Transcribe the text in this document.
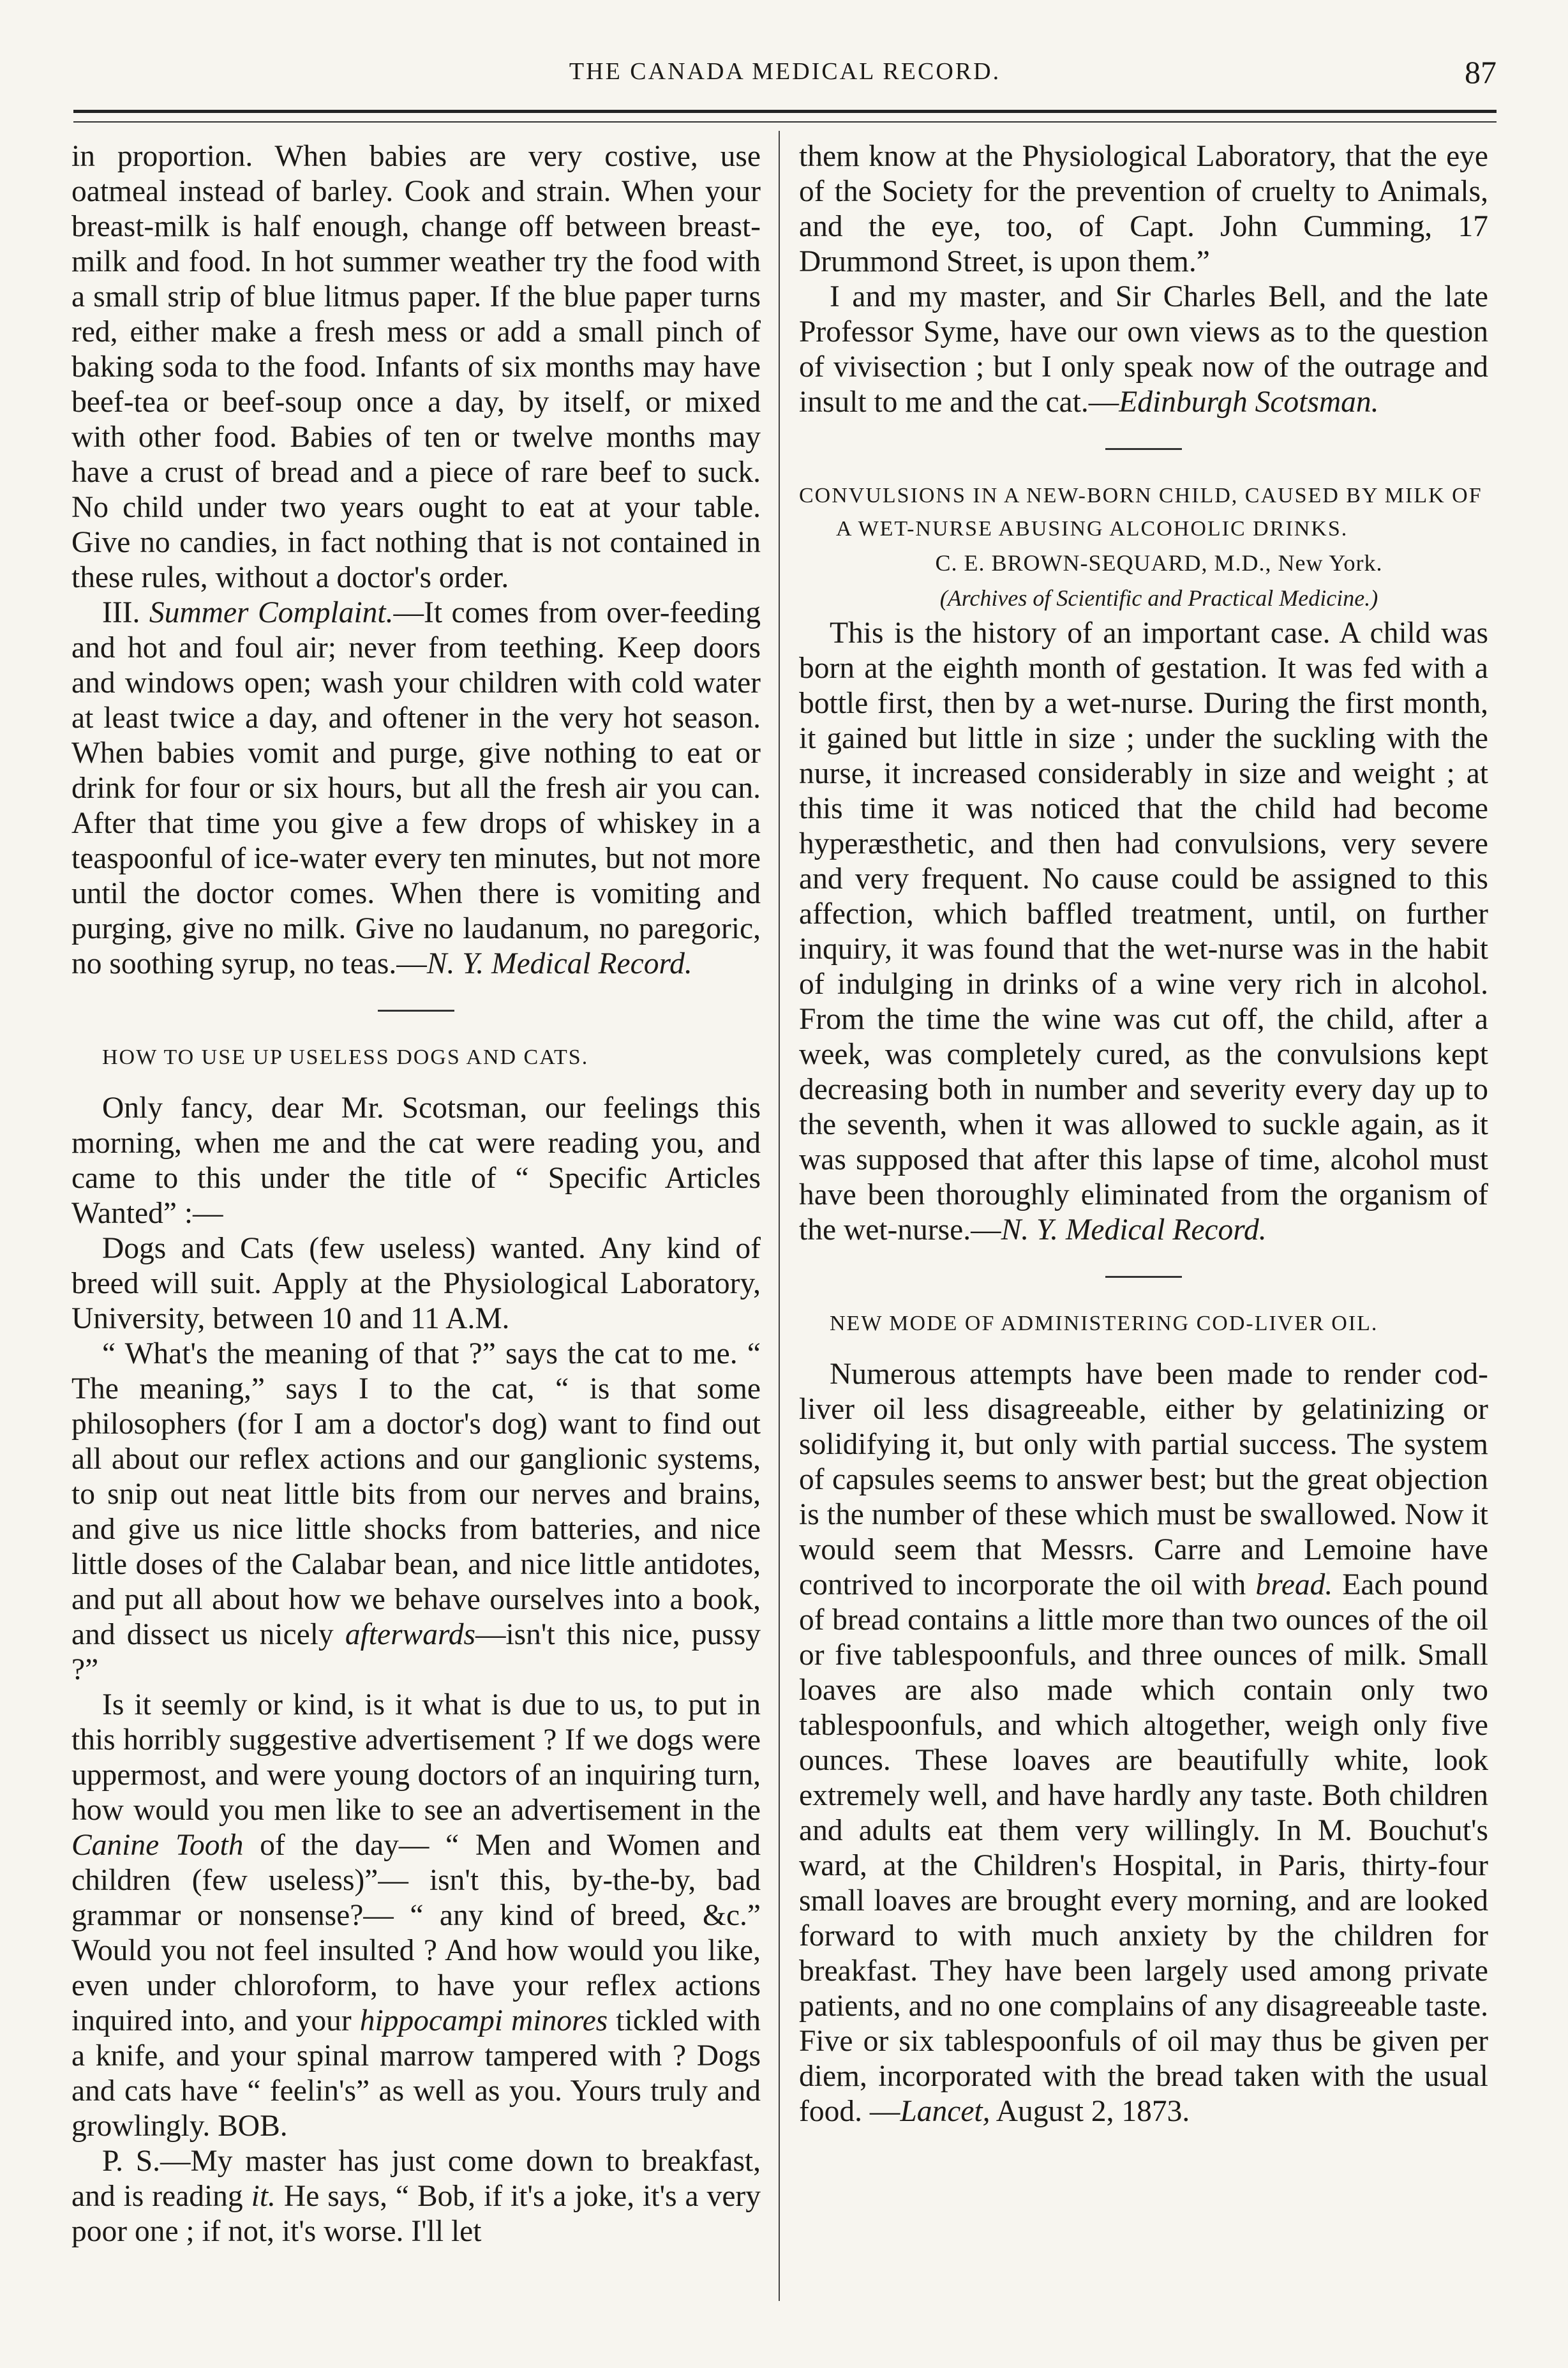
THE CANADA MEDICAL RECORD.	87

in proportion. When babies are very costive, use oatmeal instead of barley. Cook and strain. When your breast-milk is half enough, change off between breast-milk and food. In hot summer weather try the food with a small strip of blue litmus paper. If the blue paper turns red, either make a fresh mess or add a small pinch of baking soda to the food. Infants of six months may have beef-tea or beef-soup once a day, by itself, or mixed with other food. Babies of ten or twelve months may have a crust of bread and a piece of rare beef to suck. No child under two years ought to eat at your table. Give no candies, in fact nothing that is not contained in these rules, without a doctor's order.

III. Summer Complaint.—It comes from over-feeding and hot and foul air; never from teething. Keep doors and windows open; wash your children with cold water at least twice a day, and oftener in the very hot season. When babies vomit and purge, give nothing to eat or drink for four or six hours, but all the fresh air you can. After that time you give a few drops of whiskey in a teaspoonful of ice-water every ten minutes, but not more until the doctor comes. When there is vomiting and purging, give no milk. Give no laudanum, no paregoric, no soothing syrup, no teas.—N. Y. Medical Record.

HOW TO USE UP USELESS DOGS AND CATS.

Only fancy, dear Mr. Scotsman, our feelings this morning, when me and the cat were reading you, and came to this under the title of “ Specific Articles Wanted” :—

Dogs and Cats (few useless) wanted. Any kind of breed will suit. Apply at the Physiological Laboratory, University, between 10 and 11 A.M.

“ What's the meaning of that ?” says the cat to me. “ The meaning,” says I to the cat, “ is that some philosophers (for I am a doctor's dog) want to find out all about our reflex actions and our ganglionic systems, to snip out neat little bits from our nerves and brains, and give us nice little shocks from batteries, and nice little doses of the Calabar bean, and nice little antidotes, and put all about how we behave ourselves into a book, and dissect us nicely afterwards—isn't this nice, pussy ?”

Is it seemly or kind, is it what is due to us, to put in this horribly suggestive advertisement ? If we dogs were uppermost, and were young doctors of an inquiring turn, how would you men like to see an advertisement in the Canine Tooth of the day— “ Men and Women and children (few useless)”— isn't this, by-the-by, bad grammar or nonsense?— “ any kind of breed, &c.” Would you not feel insulted ? And how would you like, even under chloroform, to have your reflex actions inquired into, and your hippocampi minores tickled with a knife, and your spinal marrow tampered with ? Dogs and cats have “ feelin's” as well as you. Yours truly and growlingly. BOB.

P. S.—My master has just come down to breakfast, and is reading it. He says, “ Bob, if it's a joke, it's a very poor one ; if not, it's worse. I'll let

them know at the Physiological Laboratory, that the eye of the Society for the prevention of cruelty to Animals, and the eye, too, of Capt. John Cumming, 17 Drummond Street, is upon them.”

I and my master, and Sir Charles Bell, and the late Professor Syme, have our own views as to the question of vivisection ; but I only speak now of the outrage and insult to me and the cat.—Edinburgh Scotsman.

CONVULSIONS IN A NEW-BORN CHILD, CAUSED BY MILK OF A WET-NURSE ABUSING ALCOHOLIC DRINKS.

C. E. BROWN-SEQUARD, M.D., New York.

(Archives of Scientific and Practical Medicine.)

This is the history of an important case. A child was born at the eighth month of gestation. It was fed with a bottle first, then by a wet-nurse. During the first month, it gained but little in size ; under the suckling with the nurse, it increased considerably in size and weight ; at this time it was noticed that the child had become hyperæsthetic, and then had convulsions, very severe and very frequent. No cause could be assigned to this affection, which baffled treatment, until, on further inquiry, it was found that the wet-nurse was in the habit of indulging in drinks of a wine very rich in alcohol. From the time the wine was cut off, the child, after a week, was completely cured, as the convulsions kept decreasing both in number and severity every day up to the seventh, when it was allowed to suckle again, as it was supposed that after this lapse of time, alcohol must have been thoroughly eliminated from the organism of the wet-nurse.—N. Y. Medical Record.

NEW MODE OF ADMINISTERING COD-LIVER OIL.

Numerous attempts have been made to render cod-liver oil less disagreeable, either by gelatinizing or solidifying it, but only with partial success. The system of capsules seems to answer best; but the great objection is the number of these which must be swallowed. Now it would seem that Messrs. Carre and Lemoine have contrived to incorporate the oil with bread. Each pound of bread contains a little more than two ounces of the oil or five tablespoonfuls, and three ounces of milk. Small loaves are also made which contain only two tablespoonfuls, and which altogether, weigh only five ounces. These loaves are beautifully white, look extremely well, and have hardly any taste. Both children and adults eat them very willingly. In M. Bouchut's ward, at the Children's Hospital, in Paris, thirty-four small loaves are brought every morning, and are looked forward to with much anxiety by the children for breakfast. They have been largely used among private patients, and no one complains of any disagreeable taste. Five or six tablespoonfuls of oil may thus be given per diem, incorporated with the bread taken with the usual food. —Lancet, August 2, 1873.
